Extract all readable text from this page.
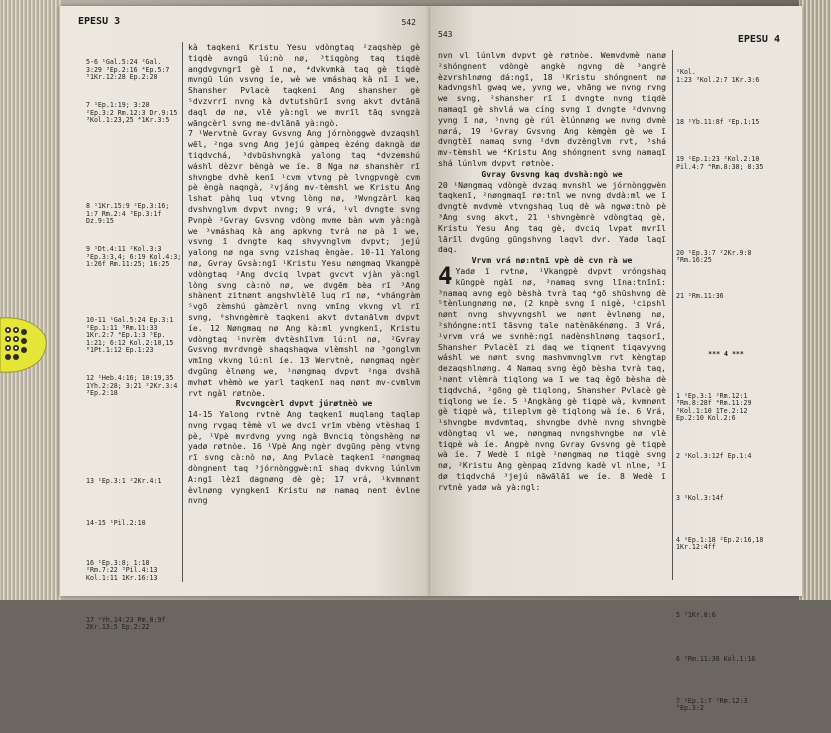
EPESU 3	542

5-6 ¹Gal.5:24 ²Gal.
3:29 ³Ep.2:16 ⁴Ep.5:7
⁵1Kr.12:28 Ep.2:20

7 ¹Ep.1:19; 3:20
²Ep.3:2 Rm.12:3 Dr.9:15
³Kol.1:23,25 ⁴1Kr.3:5

8 ¹1Kr.15:9 ²Ep.3:16;
1:7 Rm.2:4 ³Ep.3:1f
Dz.9:15

9 ¹Dt.4:11 ²Kol.3:3
³Ep.3:3,4; 6:19 Kol.4:3;
1:26f Rm.11:25; 16:25

10-11 ¹Gal.5:24 Ep.3:1
²Ep.1:11 ³Rm.11:33
1Kr.2:7 ⁴Ep.1:3 ⁵Ep.
1:21; 6:12 Kol.2:10,15
⁶1Pt.1:12 Ep.1:23

12 ¹Heb.4:16; 10:19,35
1Yh.2:28; 3:21 ²2Kr.3:4
³Ep.2:18

13 ¹Ep.3:1 ²2Kr.4:1

14-15 ¹Pil.2:10

16 ¹Ep.3:8; 1:18
²Rm.7:22 ³Pil.4:13
Kol.1:11 1Kr.16:13

17 ¹Yh.14:23 Rm.8:9f
2Kr.13:5 Ep.2:22

kà taqkeni Kristu Yesu vdòngtaq ²zaqshèp gè tiqdè avngū lú:nò nø, ³tiqgòng taq tiqdè angdvgvngrī gè ī nø, ⁴dvkvmkà taq gè tiqdè mvngū lún vsvng íe, wè we vmáshaq kà nī ī we, Shansher Pvlacè taqkeni Ang shansher gè ⁵dvzvrrī nvng kà dvtutshūrī svng akvt dvtānā daql dø nø, vlē yà:ngl we mvrīl tāq svngzà wāngcèrl svng me-dvlānā yà:ngò.

7 ¹Wervtnè Gvray Gvsvng Ang jórnònggwè dvzaqshl wēl, ²nga svng Ang jejú gàmpeq èzéng dakngà dø tiqdvchá, ³dvbūshvngkà yalong taq ⁴dvzemshú wáshl dèzvr bèngà we íe. 8 Nga nø shanshèr rī shvngbe dvhè kenī ¹cvm vtvng pè lvngpvngè cvm pè èngà naqngà, ²vjáng mv-tèmshl we Kristu Ang lshat pàhq luq vtvng lòng nø, ³Wvngzàrl kaq dvshvnglvm dvpvt nvng; 9 vrá, ¹vl dvngte svng Pvnpè ²Gvray Gvsvng vdòng mvme bàn wvm yà:ngà we ³vmáshaq kà ang apkvng tvrà nø pà ī we, vsvng ī dvngte kaq shvyvnglvm dvpvt; jejú yalong nø nga svng vzishaq èngàe. 10-11 Yalong nø, Gvray Gvsà:ngī ¹Kristu Yesu nøngmaq Vkangpè vdòngtaq ²Ang dvciq lvpat gvcvt vjàn yà:ngl lòng svng cà:nò nø, we dvgēm bèa rī ³Ang shànent zitnønt angshvlèlē luq rī nø, ⁴vhángràm ⁵vgō zèmshú gàmzèrl nvng vmīng vkvng vl rī svng, ⁶shvngèmrè taqkeni akvt dvtanālvm dvpvt íe. 12 Nøngmaq nø Ang kà:ml yvngkenī, Kristu vdòngtaq ¹nvrèm dvtèshīlvm lú:nl nø, ²Gvray Gvsvng mvrdvngè shaqshaqwa vlèmshl nø ³gonglvm vmīng vkvng lú:nl íe. 13 Wervtnè, nøngmaq ngèr dvgūng èlnøng we, ¹nøngmaq dvpvt ²nga dvshā mvhøt vhèmò we yarl taqkenī naq nønt mv-cvmlvm rvt ngàl røtnòe.

Rvcvngcèrl dvpvt júrøtnèò we

14-15 Yalong rvtnè Ang taqkenī muqlang taqlap nvng rvgaq tèmè vl we dvcī vrīm vbèng vtèshaq ī pè, ¹Vpè mvrdvng yvng ngà Bvnciq tòngshèng nø yadø røtnòe. 16 ¹Vpè Ang ngèr dvgūng pèng vtvng rī svng cà:nò nø, Ang Pvlacè taqkenī ²nøngmaq dòngnent taq ³jórnònggwè:nī shaq dvkvng lúnlvm A:ngī lèzī dagnøng dè gè; 17 vrá, ¹kvmnønt èvlnøng vyngkenī Kristu nø namaq nent èvlne nvng

543	EPESU 4

nvn vl lúnlvm dvpvt gè røtnòe. Wemvdvmè nanø ²shóngnent vdòngè angkè ngvng dè ³angrè èzvrshlnøng dá:ngī, 18 ¹Kristu shóngnent nø kadvngshl gwaq we, yvng we, vhāng we nvng rvng we svng, ²shansher rī ī dvngte nvng tiqdè namaqī gè shvlá wa cíng svng ī dvngte ²dvnvng yvng ī nø, ⁵nvng gè rúl èlúnnøng we nvng dvmè nørá, 19 ¹Gvray Gvsvng Ang kèmgèm gè we ī dvngtèī namaq svng ²dvm dvzènglvm rvt, ³shá mv-tèmshl we ⁴Kristu Ang shóngnent svng namaqī shá lúnlvm dvpvt røtnòe.

Gvray Gvsvng kaq dvshà:ngò we

20 ¹Nøngmaq vdòngè dvzaq mvnshl we jórnònggwèn taqkenī, ²nøngmaqī rø:tnl we nvng dvdà:ml we ī dvngtè mvdvmè vtvngshaq luq dè wà ngwø:tnò pè ³Ang svng akvt, 21 ¹shvngèmrè vdòngtaq gè, Kristu Yesu Ang taq gè, dvciq lvpat mvrīl lārīl dvgūng gūngshvng laqvl dvr. Yadø laqī daq.

Vrvm vrá nø:ntnī vpè dè cvn rà we

4 Yadø ī rvtnø, ¹Vkangpè dvpvt vróngshaq kūngpè ngàī nø, ²namaq svng līna:tnīnī: ³namaq avng egò bèshà tvrà taq ⁴gō shūshvng dè ⁵tènlungnøng nø, (2 knpè svng ī nigè, ¹cipshl nønt nvng shvyvngshl we nønt èvlnøng nø, ²shóngne:ntī tāsvng tale natènākénøng. 3 Vrá, ¹vrvm vrá we svnhè:ngī nadènshlnøng taqsorī, Shansher Pvlacèī zi daq we tiqnent tiqavyvng wáshl we nønt svng mashvmvnglvm rvt kèngtap dezaqshlnøng. 4 Namaq svng ègō bèsha tvrà taq, ¹nønt vlèmrà tiqlong wa ī we taq ègō bèsha dè tiqdvchá, ²gōng gè tiqlong, Shansher Pvlacè gè tiqlong we íe. 5 ¹Angkàng gè tiqpè wà, kvmnønt gè tiqpè wà, tileplvm gè tiqlong wà íe. 6 Vrá, ¹shvngbe mvdvmtaq, shvngbe dvhè nvng shvngbè vdòngtaq vl we, nøngmaq nvngshvngbe nø vlè tiqpè wà íe. Angpè nvng Gvray Gvsvng gè tiqpè wà íe. 7 Wedè ī nigè ¹nøngmaq nø tiqgè svng nø, ²Kristu Ang gènpaq zīdvng kadè vl nlne, ³ī dø tiqdvchá ³jejú nāwālāī we íe. 8 Wedè ī rvtnè yadø wà yà:ngl:

²Kol.
1:23 ³Kol.2:7 1Kr.3:6

18 ¹Yb.11:8f ²Ep.1:15

19 ¹Ep.1:23 ²Kol.2:10
Pil.4:7 ⁴Rm.8:38; 8:35

20 ¹Ep.3:7 ²2Kr.9:8
³Rm.16:25

21 ¹Rm.11:36

*** 4 ***

1 ¹Ep.3:1 ²Rm.12:1
³Rm.8:28f ⁴Rm.11:29
⁵Kol.1:10 1Te.2:12
Ep.2:10 Kol.2:6

2 ¹Kol.3:12f Ep.1:4

3 ¹Kol.3:14f

4 ¹Ep.1:18 ²Ep.2:16,18
1Kr.12:4ff

5 ¹1Kr.8:6

6 ¹Rm.11:36 Kol.1:16

7 ¹Ep.1:7 ²Rm.12:3
³Ep.3:2
